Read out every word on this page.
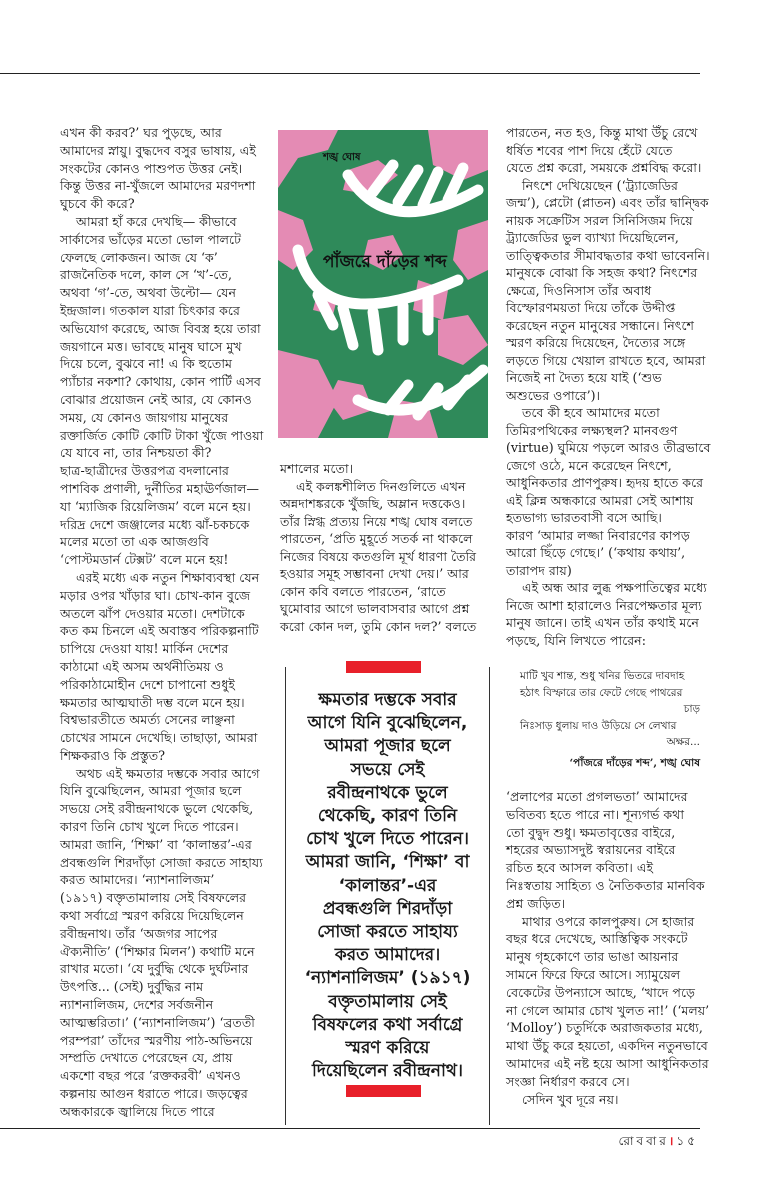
এখন কী করব?’ ঘর পুড়ছে, আর
আমাদের স্নায়ু। বুদ্ধদেব বসুর ভাষায়, এই
সংকটের কোনও পাশুপত উত্তর নেই।
কিন্তু উত্তর না-খুঁজলে আমাদের মরণদশা
ঘুচবে কী করে?
আমরা হাঁ করে দেখছি— কীভাবে
সার্কাসের ভাঁড়ের মতো ভোল পালটে
ফেলছে লোকজন। আজ যে ‘ক’
রাজনৈতিক দলে, কাল সে ‘খ’-তে,
অথবা ‘গ’-তে, অথবা উল্টো— যেন
ইন্দ্রজাল। গতকাল যারা চিৎকার করে
অভিযোগ করেছে, আজ বিবস্ত্র হয়ে তারা
জয়গানে মত্ত। ভাবছে মানুষ ঘাসে মুখ
দিয়ে চলে, বুঝবে না! এ কি হুতোম
প্যাঁচার নকশা? কোথায়, কোন পার্টি এসব
বোঝার প্রয়োজন নেই আর, যে কোনও
সময়, যে কোনও জায়গায় মানুষের
রক্তার্জিত কোটি কোটি টাকা খুঁজে পাওয়া
যে যাবে না, তার নিশ্চয়তা কী?
ছাত্র-ছাত্রীদের উত্তরপত্র বদলানোর
পাশবিক প্রণালী, দুর্নীতির মহাঊর্ণজাল—
যা ‘ম্যাজিক রিয়েলিজম’ বলে মনে হয়।
দরিদ্র দেশে জঞ্জালের মধ্যে ঝাঁ-চকচকে
মলের মতো তা এক আজগুবি
‘পোস্টমডার্ন টেক্সট’ বলে মনে হয়!
এরই মধ্যে এক নতুন শিক্ষাব্যবস্থা যেন
মড়ার ওপর খাঁড়ার ঘা। চোখ-কান বুজে
অতলে ঝাঁপ দেওয়ার মতো। দেশটাকে
কত কম চিনলে এই অবাস্তব পরিকল্পনাটি
চাপিয়ে দেওয়া যায়! মার্কিন দেশের
কাঠামো এই অসম অর্থনীতিময় ও
পরিকাঠামোহীন দেশে চাপানো শুধুই
ক্ষমতার আত্মঘাতী দম্ভ বলে মনে হয়।
বিশ্বভারতীতে অমর্ত্য সেনের লাঞ্ছনা
চোখের সামনে দেখেছি। তাছাড়া, আমরা
শিক্ষকরাও কি প্রস্তুত?
অথচ এই ক্ষমতার দম্ভকে সবার আগে
যিনি বুঝেছিলেন, আমরা পূজার ছলে
সভয়ে সেই রবীন্দ্রনাথকে ভুলে থেকেছি,
কারণ তিনি চোখ খুলে দিতে পারেন।
আমরা জানি, ‘শিক্ষা’ বা ‘কালান্তর’-এর
প্রবন্ধগুলি শিরদাঁড়া সোজা করতে সাহায্য
করত আমাদের। ‘ন্যাশনালিজম’
(১৯১৭) বক্তৃতামালায় সেই বিষফলের
কথা সর্বাগ্রে স্মরণ করিয়ে দিয়েছিলেন
রবীন্দ্রনাথ। তাঁর ‘অজগর সাপের
ঐক্যনীতি’ (‘শিক্ষার মিলন’) কথাটি মনে
রাখার মতো। ‘যে দুর্বুদ্ধি থেকে দুর্ঘটনার
উৎপত্তি... (সেই) দুর্বুদ্ধির নাম
ন্যাশনালিজম, দেশের সর্বজনীন
আত্মম্ভরিতা।’ (‘ন্যাশনালিজম’) ‘ব্রততী
পরম্পরা’ তাঁদের স্মরণীয় পাঠ-অভিনয়ে
সম্প্রতি দেখাতে পেরেছেন যে, প্রায়
একশো বছর পরে ‘রক্তকরবী’ এখনও
কল্পনায় আগুন ধরাতে পারে। জড়ত্বের
অন্ধকারকে জ্বালিয়ে দিতে পারে
শঙ্খ ঘোষ
পাঁজরে দাঁড়ের শব্দ
মশালের মতো।
এই কলঙ্কশীলিত দিনগুলিতে এখন
অন্নদাশঙ্করকে খুঁজছি, অম্লান দত্তকেও।
তাঁর স্নিগ্ধ প্রত্যয় নিয়ে শঙ্খ ঘোষ বলতে
পারতেন, ‘প্রতি মুহূর্তে সতর্ক না থাকলে
নিজের বিষয়ে কতগুলি মূর্খ ধারণা তৈরি
হওয়ার সমূহ সম্ভাবনা দেখা দেয়।’ আর
কোন কবি বলতে পারতেন, ‘রাতে
ঘুমোবার আগে ভালবাসবার আগে প্রশ্ন
করো কোন দল, তুমি কোন দল?’ বলতে
ক্ষমতার দম্ভকে সবার
আগে যিনি বুঝেছিলেন,
আমরা পূজার ছলে
সভয়ে সেই
রবীন্দ্রনাথকে ভুলে
থেকেছি, কারণ তিনি
চোখ খুলে দিতে পারেন।
আমরা জানি, ‘শিক্ষা’ বা
‘কালান্তর’-এর
প্রবন্ধগুলি শিরদাঁড়া
সোজা করতে সাহায্য
করত আমাদের।
‘ন্যাশনালিজম’ (১৯১৭)
বক্তৃতামালায় সেই
বিষফলের কথা সর্বাগ্রে
স্মরণ করিয়ে
দিয়েছিলেন রবীন্দ্রনাথ।
পারতেন, নত হও, কিন্তু মাথা উঁচু রেখে
ধর্ষিত শবের পাশ দিয়ে হেঁটে যেতে
যেতে প্রশ্ন করো, সময়কে প্রশ্নবিদ্ধ করো।
নিৎশে দেখিয়েছেন (‘ট্র্যাজেডির
জন্ম’), প্লেটো (প্লাতন) এবং তাঁর দ্বান্দ্বিক
নায়ক সক্রেটিস সরল সিনিসিজম দিয়ে
ট্র্যাজেডির ভুল ব্যাখ্যা দিয়েছিলেন,
তাত্ত্বিকতার সীমাবদ্ধতার কথা ভাবেননি।
মানুষকে বোঝা কি সহজ কথা? নিৎশের
ক্ষেত্রে, দিওনিসাস তাঁর অবাধ
বিস্ফোরণময়তা দিয়ে তাঁকে উদ্দীপ্ত
করেছেন নতুন মানুষের সন্ধানে। নিৎশে
স্মরণ করিয়ে দিয়েছেন, দৈত্যের সঙ্গে
লড়তে গিয়ে খেয়াল রাখতে হবে, আমরা
নিজেই না দৈত্য হয়ে যাই (‘শুভ
অশুভের ওপারে’)।
তবে কী হবে আমাদের মতো
তিমিরপথিকের লক্ষ্যস্থল? মানবগুণ
(virtue) ঘুমিয়ে পড়লে আরও তীব্রভাবে
জেগে ওঠে, মনে করেছেন নিৎশে,
আধুনিকতার প্রাণপুরুষ। হৃদয় হাতে করে
এই ক্লিন্ন অন্ধকারে আমরা সেই আশায়
হতভাগ্য ভারতবাসী বসে আছি।
কারণ ‘আমার লজ্জা নিবারণের কাপড়
আরো ছিঁড়ে গেছে।’ (‘কথায় কথায়’,
তারাপদ রায়)
এই অন্ধ আর লুব্ধ পক্ষপাতিত্বের মধ্যে
নিজে আশা হারালেও নিরপেক্ষতার মূল্য
মানুষ জানে। তাই এখন তাঁর কথাই মনে
পড়ছে, যিনি লিখতে পারেন:
মাটি খুব শান্ত, শুধু খনির ভিতরে দাবদাহ
হঠাৎ বিস্ফারে তার ফেটে গেছে পাথরের
চাড়
নিঃসাড় ধুলায় দাও উড়িয়ে সে লেখার
অক্ষর...
‘পাঁজরে দাঁড়ের শব্দ’, শঙ্খ ঘোষ
‘প্রলাপের মতো প্রগলভতা’ আমাদের
ভবিতব্য হতে পারে না। শূন্যগর্ভ কথা
তো বুদ্বুদ শুধু। ক্ষমতাবৃত্তের বাইরে,
শহরের অভ্যাসদুষ্ট স্বরায়নের বাইরে
রচিত হবে আসল কবিতা। এই
নিঃস্বতায় সাহিত্য ও নৈতিকতার মানবিক
প্রশ্ন জড়িত।
মাথার ওপরে কালপুরুষ। সে হাজার
বছর ধরে দেখেছে, আস্তিত্বিক সংকটে
মানুষ গৃহকোণে তার ভাঙা আয়নার
সামনে ফিরে ফিরে আসে। স্যামুয়েল
বেকেটের উপন্যাসে আছে, ‘খাদে পড়ে
না গেলে আমার চোখ খুলত না!’ (‘মলয়’
‘Molloy’) চতুর্দিকে অরাজকতার মধ্যে,
মাথা উঁচু করে হয়তো, একদিন নতুনভাবে
আমাদের এই নষ্ট হয়ে আসা আধুনিকতার
সংজ্ঞা নির্ধারণ করবে সে।
সেদিন খুব দূরে নয়।
রোববার।১৫
